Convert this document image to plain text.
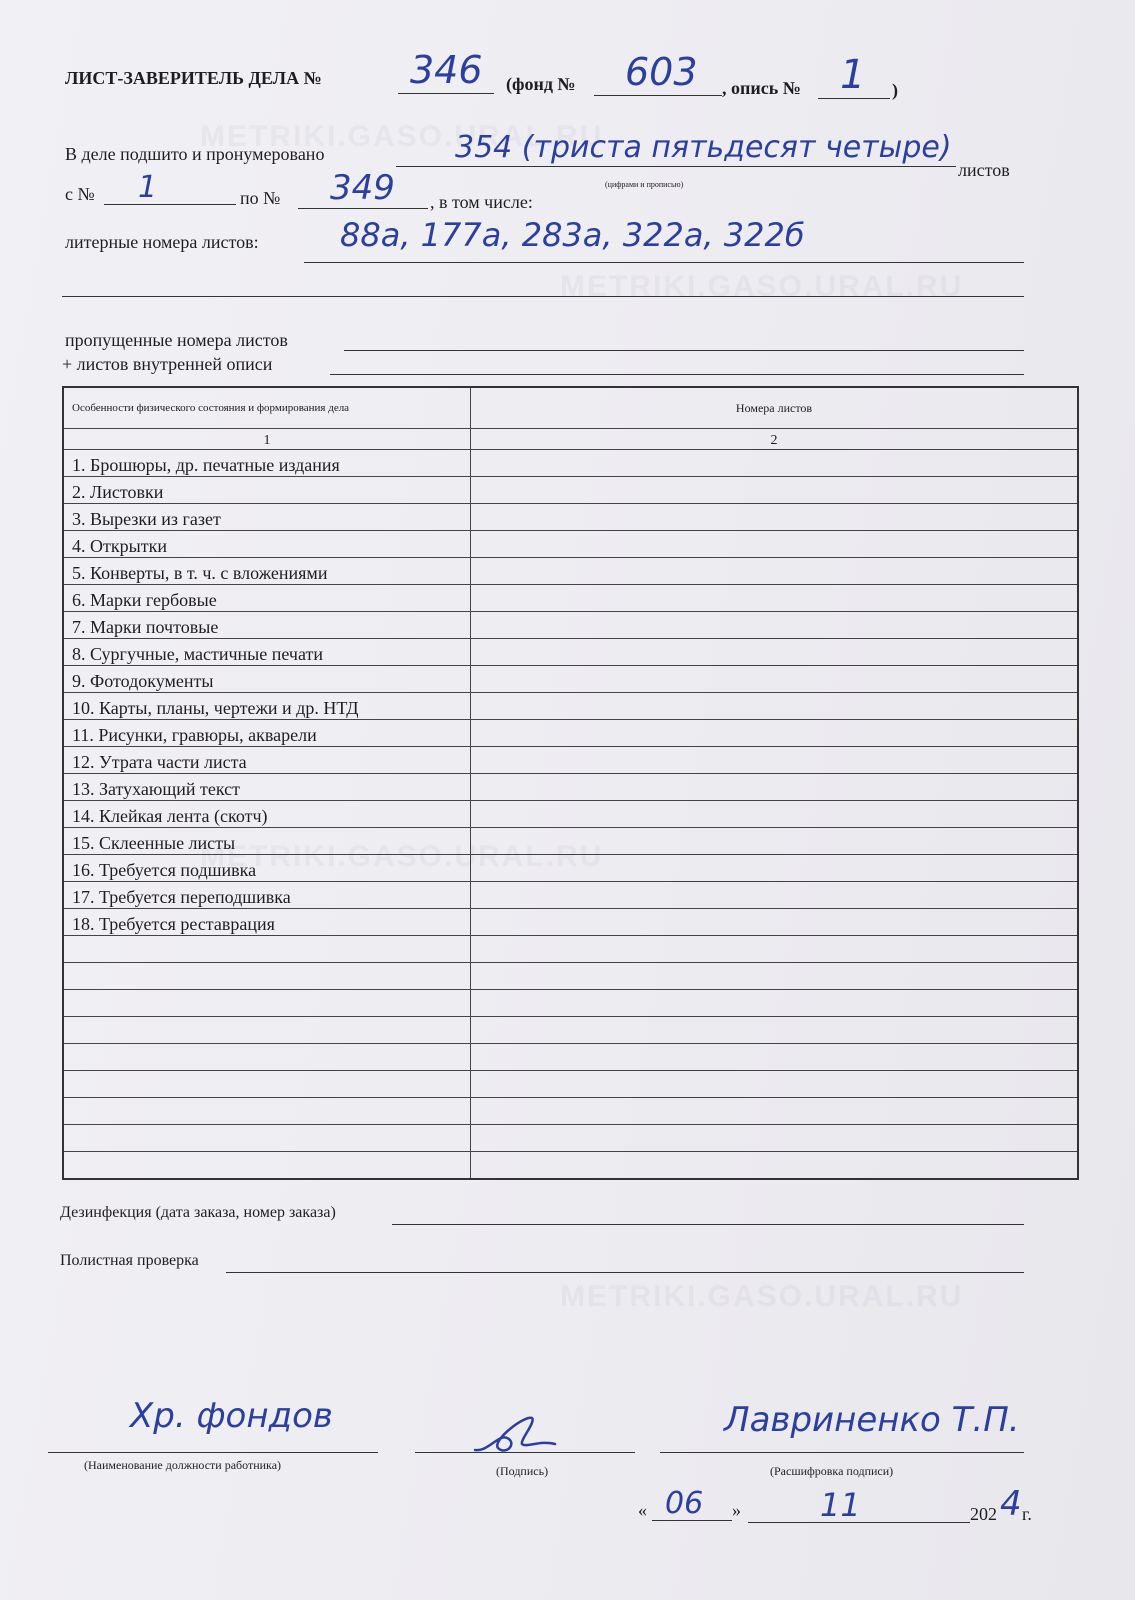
METRIKI.GASO.URAL.RU
METRIKI.GASO.URAL.RU
METRIKI.GASO.URAL.RU
METRIKI.GASO.URAL.RU
ЛИСТ-ЗАВЕРИТЕЛЬ ДЕЛА № 346 (фонд № 603 , опись № 1 )
В деле подшито и пронумеровано	354 (триста пятьдесят четыре)
(цифрами и прописью)
листов
с № 1	по № 349 , в том числе:
литерные номера листов:	88а, 177а, 283а, 322а, 322б
пропущенные номера листов
+ листов внутренней описи
Особенности физического состояния и формирования дела	Номера листов
1	2
1. Брошюры, др. печатные издания	
2. Листовки	
3. Вырезки из газет	
4. Открытки	
5. Конверты, в т. ч. с вложениями	
6. Марки гербовые	
7. Марки почтовые	
8. Сургучные, мастичные печати	
9. Фотодокументы	
10. Карты, планы, чертежи и др. НТД	
11. Рисунки, гравюры, акварели	
12. Утрата части листа	
13. Затухающий текст	
14. Клейкая лента (скотч)	
15. Склеенные листы	
16. Требуется подшивка	
17. Требуется переподшивка	
18. Требуется реставрация	

Дезинфекция (дата заказа, номер заказа)
Полистная проверка
Хр. фондов
(Наименование должности работника)	(Подпись)
Лавриненко Т.П.
(Расшифровка подписи)
« 06 » 11	202 4 г.
